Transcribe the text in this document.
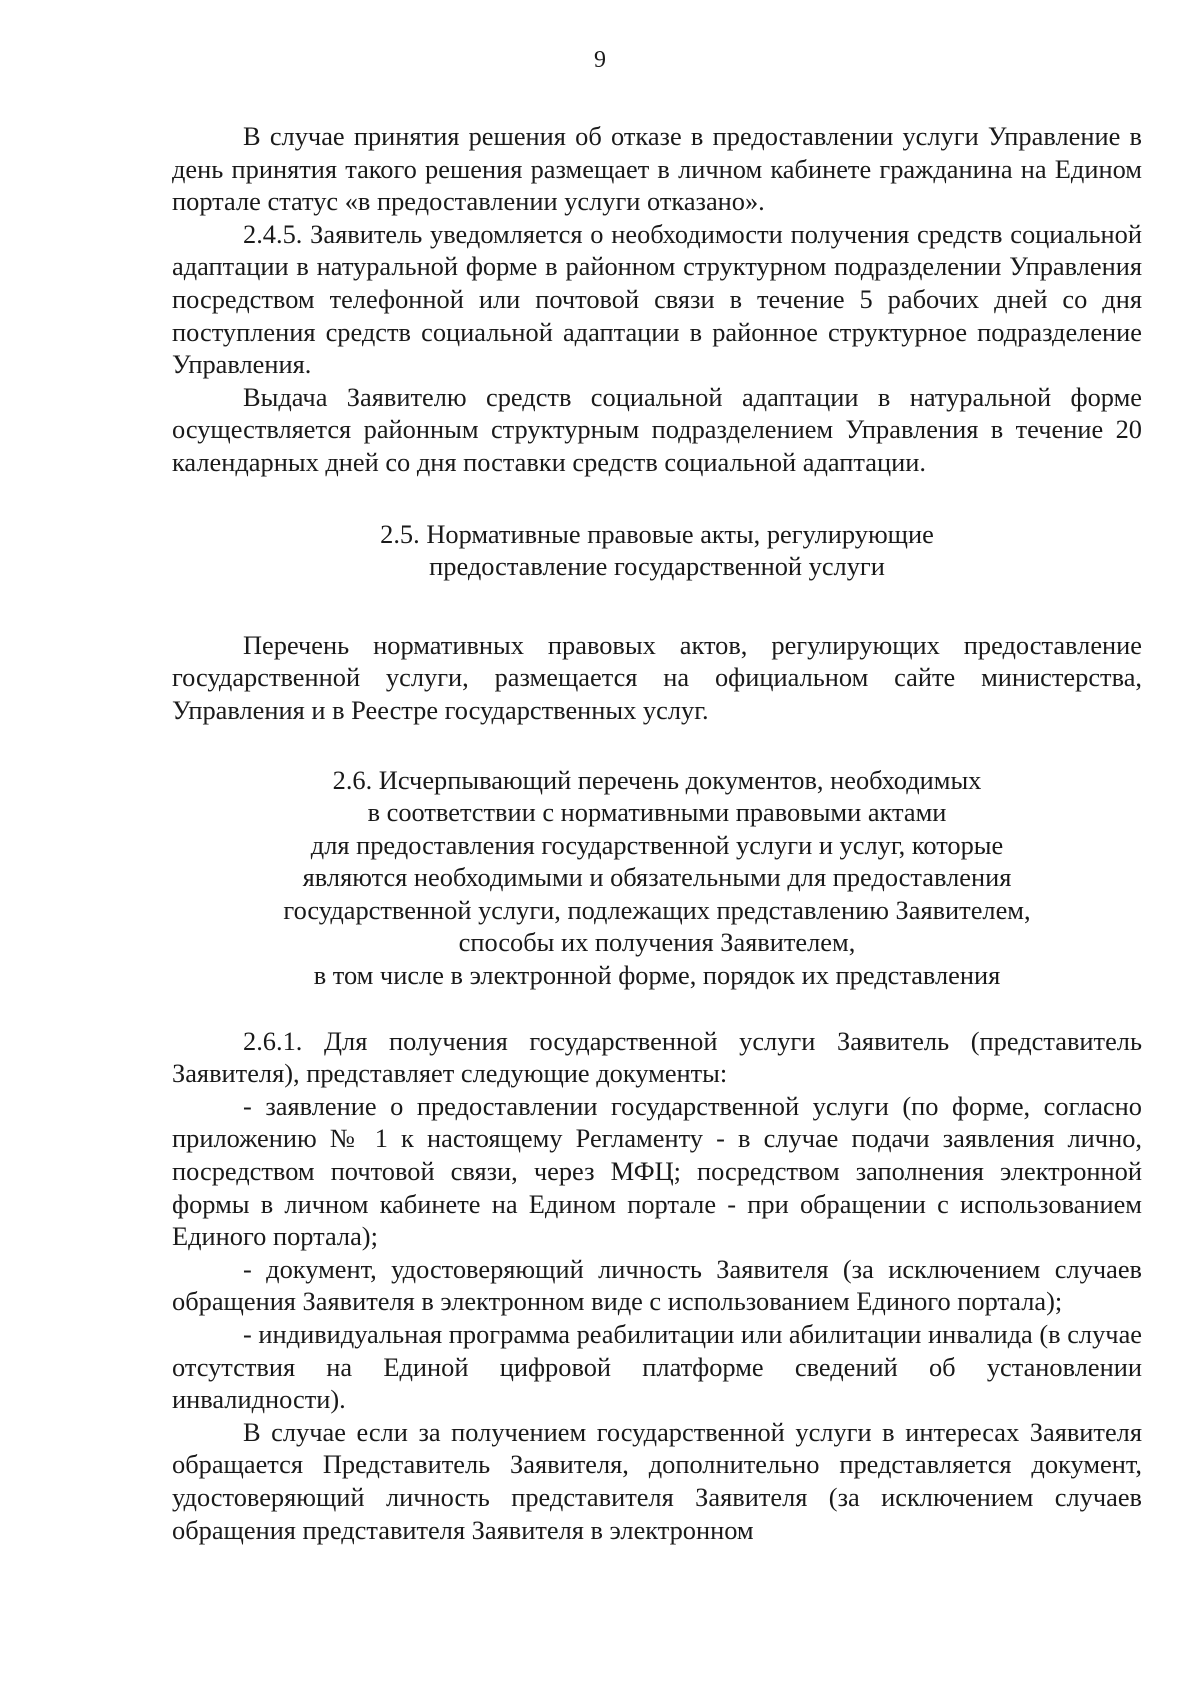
9

В случае принятия решения об отказе в предоставлении услуги Управление в день принятия такого решения размещает в личном кабинете гражданина на Едином портале статус «в предоставлении услуги отказано».

2.4.5. Заявитель уведомляется о необходимости получения средств социальной адаптации в натуральной форме в районном структурном подразделении Управления посредством телефонной или почтовой связи в течение 5 рабочих дней со дня поступления средств социальной адаптации в районное структурное подразделение Управления.

Выдача Заявителю средств социальной адаптации в натуральной форме осуществляется районным структурным подразделением Управления в течение 20 календарных дней со дня поставки средств социальной адаптации.

2.5. Нормативные правовые акты, регулирующие
предоставление государственной услуги

Перечень нормативных правовых актов, регулирующих предоставление государственной услуги, размещается на официальном сайте министерства, Управления и в Реестре государственных услуг.

2.6. Исчерпывающий перечень документов, необходимых
в соответствии с нормативными правовыми актами
для предоставления государственной услуги и услуг, которые
являются необходимыми и обязательными для предоставления
государственной услуги, подлежащих представлению Заявителем,
способы их получения Заявителем,
в том числе в электронной форме, порядок их представления

2.6.1. Для получения государственной услуги Заявитель (представитель Заявителя), представляет следующие документы:

- заявление о предоставлении государственной услуги (по форме, согласно приложению № 1 к настоящему Регламенту - в случае подачи заявления лично, посредством почтовой связи, через МФЦ; посредством заполнения электронной формы в личном кабинете на Едином портале - при обращении с использованием Единого портала);

- документ, удостоверяющий личность Заявителя (за исключением случаев обращения Заявителя в электронном виде с использованием Единого портала);

- индивидуальная программа реабилитации или абилитации инвалида (в случае отсутствия на Единой цифровой платформе сведений об установлении инвалидности).

В случае если за получением государственной услуги в интересах Заявителя обращается Представитель Заявителя, дополнительно представляется документ, удостоверяющий личность представителя Заявителя (за исключением случаев обращения представителя Заявителя в электронном
